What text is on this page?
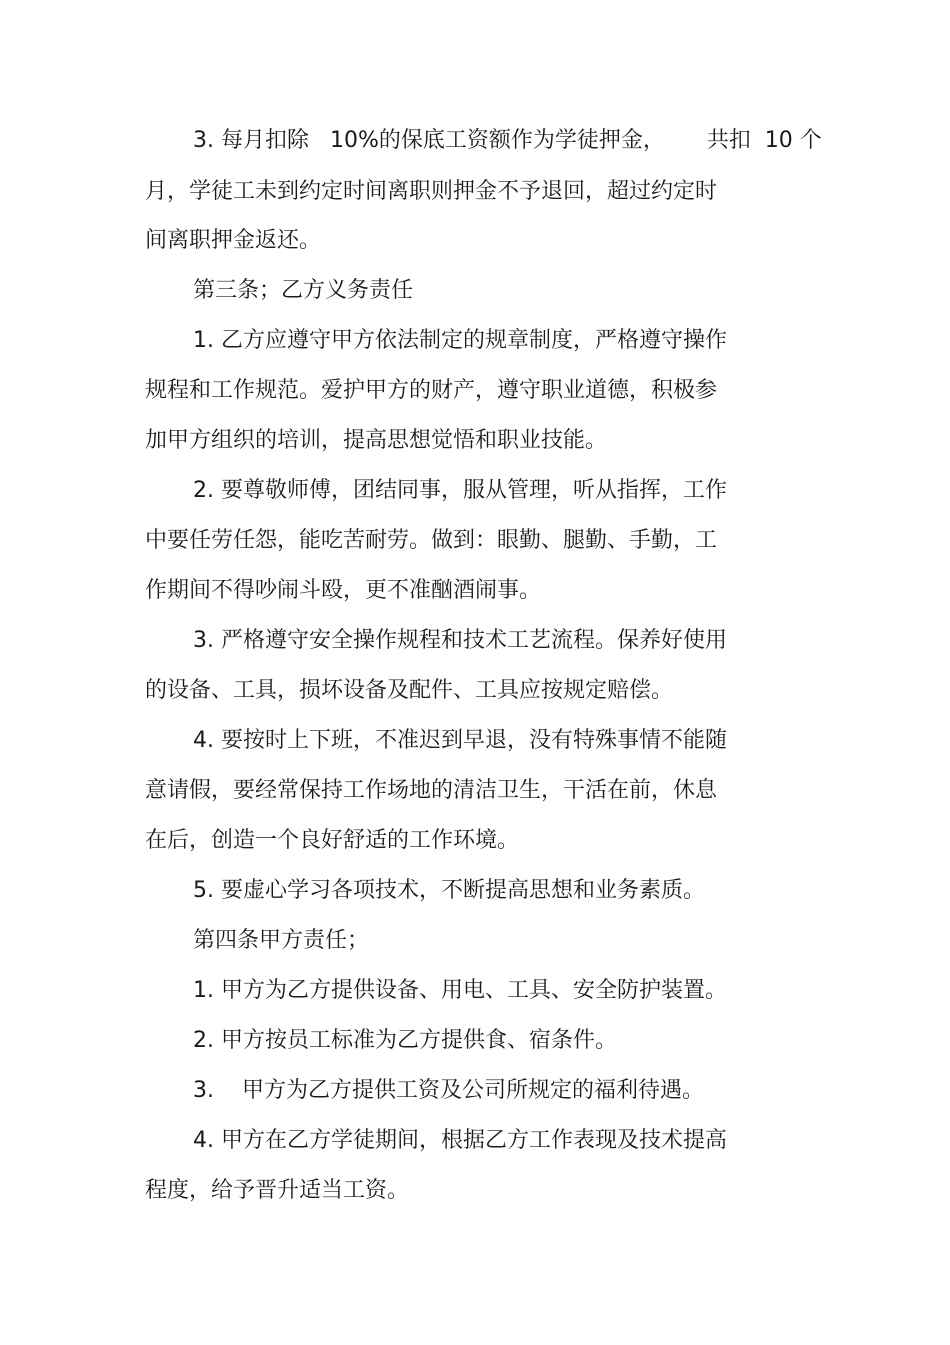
3. 每月扣除   10%的保底工资额作为学徒押金，      共扣  10 个

月，学徒工未到约定时间离职则押金不予退回，超过约定时

间离职押金返还。

第三条；乙方义务责任

1. 乙方应遵守甲方依法制定的规章制度，严格遵守操作

规程和工作规范。爱护甲方的财产，遵守职业道德，积极参

加甲方组织的培训，提高思想觉悟和职业技能。

2. 要尊敬师傅，团结同事，服从管理，听从指挥，工作

中要任劳任怨，能吃苦耐劳。做到：眼勤、腿勤、手勤，工

作期间不得吵闹斗殴，更不准酗酒闹事。

3. 严格遵守安全操作规程和技术工艺流程。保养好使用

的设备、工具，损坏设备及配件、工具应按规定赔偿。

4. 要按时上下班，不准迟到早退，没有特殊事情不能随

意请假，要经常保持工作场地的清洁卫生，干活在前，休息

在后，创造一个良好舒适的工作环境。

5. 要虚心学习各项技术，不断提高思想和业务素质。

第四条甲方责任；

1. 甲方为乙方提供设备、用电、工具、安全防护装置。

2. 甲方按员工标准为乙方提供食、宿条件。

3.    甲方为乙方提供工资及公司所规定的福利待遇。

4. 甲方在乙方学徒期间，根据乙方工作表现及技术提高

程度，给予晋升适当工资。
